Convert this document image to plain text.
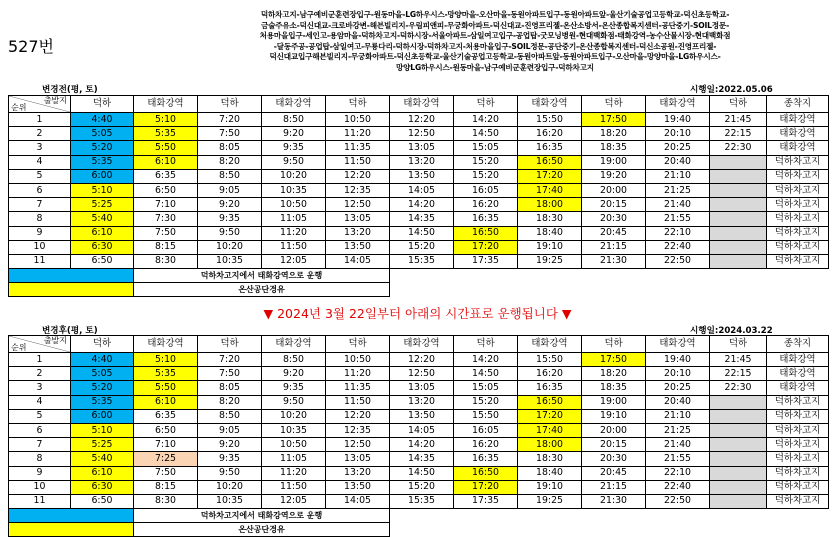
527번
덕하차고지-남구예비군훈련장입구-원동마을-LG하우시스-망양마을-오산마을-동원아파트입구-동원아파트앞-울산기술공업고등학교-덕신초등학교-
금술주유소-덕신대교-크로바강변-해븐빌리지-우림피앤피-무궁화아파트-덕신대교-진영프리젤-온산소방서-온산종합복지센터-공단중기-SOIL정문-
처용마을입구-세인고-용암마을-덕하차고지-덕하시장-서울아파트-삼일여고입구-공업탑-굿모닝병원-현대백화점-태화강역-농수산물시장-현대백화점
-달동주공-공업탑-삼일여고-무룡다리-덕하시장-덕하차고지-처용마을입구-SOIL정문-공단중기-온산종합복지센터-덕신소공원-진영프리젤-
덕신대교입구해븐빌리지-무궁화아파트-덕신초등학교-울산기술공업고등학교-동원아파트앞-동원아파트입구-오산마을-망양마을-LG하우시스-
망양LG하우시스-원동마을-남구예비군훈련장입구-덕하차고지
변경전(평, 토)	시행일:2022.05.06
출발지
순위	덕하	태화강역	덕하	태화강역	덕하	태화강역	덕하	태화강역	덕하	태화강역	덕하	종착지
1	4:40	5:10	7:20	8:50	10:50	12:20	14:20	15:50	17:50	19:40	21:45	태화강역
2	5:05	5:35	7:50	9:20	11:20	12:50	14:50	16:20	18:20	20:10	22:15	태화강역
3	5:20	5:50	8:05	9:35	11:35	13:05	15:05	16:35	18:35	20:25	22:30	태화강역
4	5:35	6:10	8:20	9:50	11:50	13:20	15:20	16:50	19:00	20:40		덕하차고지
5	6:00	6:35	8:50	10:20	12:20	13:50	15:20	17:20	19:20	21:10		덕하차고지
6	5:10	6:50	9:05	10:35	12:35	14:05	16:05	17:40	20:00	21:25		덕하차고지
7	5:25	7:10	9:20	10:50	12:50	14:20	16:20	18:00	20:15	21:40		덕하차고지
8	5:40	7:30	9:35	11:05	13:05	14:35	16:35	18:30	20:30	21:55		덕하차고지
9	6:10	7:50	9:50	11:20	13:20	14:50	16:50	18:40	20:45	22:10		덕하차고지
10	6:30	8:15	10:20	11:50	13:50	15:20	17:20	19:10	21:15	22:40		덕하차고지
11	6:50	8:30	10:35	12:05	14:05	15:35	17:35	19:25	21:30	22:50		덕하차고지
		덕하차고지에서 태화강역으로 운행										
		온산공단경유										
▼ 2024년 3월 22일부터 아래의 시간표로 운행됩니다 ▼
변경후(평, 토)	시행일:2024.03.22
출발지
순위	덕하	태화강역	덕하	태화강역	덕하	태화강역	덕하	태화강역	덕하	태화강역	덕하	종착지
1	4:40	5:10	7:20	8:50	10:50	12:20	14:20	15:50	17:50	19:40	21:45	태화강역
2	5:05	5:35	7:50	9:20	11:20	12:50	14:50	16:20	18:20	20:10	22:15	태화강역
3	5:20	5:50	8:05	9:35	11:35	13:05	15:05	16:35	18:35	20:25	22:30	태화강역
4	5:35	6:10	8:20	9:50	11:50	13:20	15:20	16:50	19:00	20:40		덕하차고지
5	6:00	6:35	8:50	10:20	12:20	13:50	15:50	17:20	19:10	21:10		덕하차고지
6	5:10	6:50	9:05	10:35	12:35	14:05	16:05	17:40	20:00	21:25		덕하차고지
7	5:25	7:10	9:20	10:50	12:50	14:20	16:20	18:00	20:15	21:40		덕하차고지
8	5:40	7:25	9:35	11:05	13:05	14:35	16:35	18:30	20:30	21:55		덕하차고지
9	6:10	7:50	9:50	11:20	13:20	14:50	16:50	18:40	20:45	22:10		덕하차고지
10	6:30	8:15	10:20	11:50	13:50	15:20	17:20	19:10	21:15	22:40		덕하차고지
11	6:50	8:30	10:35	12:05	14:05	15:35	17:35	19:25	21:30	22:50		덕하차고지
		덕하차고지에서 태화강역으로 운행										
		온산공단경유										
